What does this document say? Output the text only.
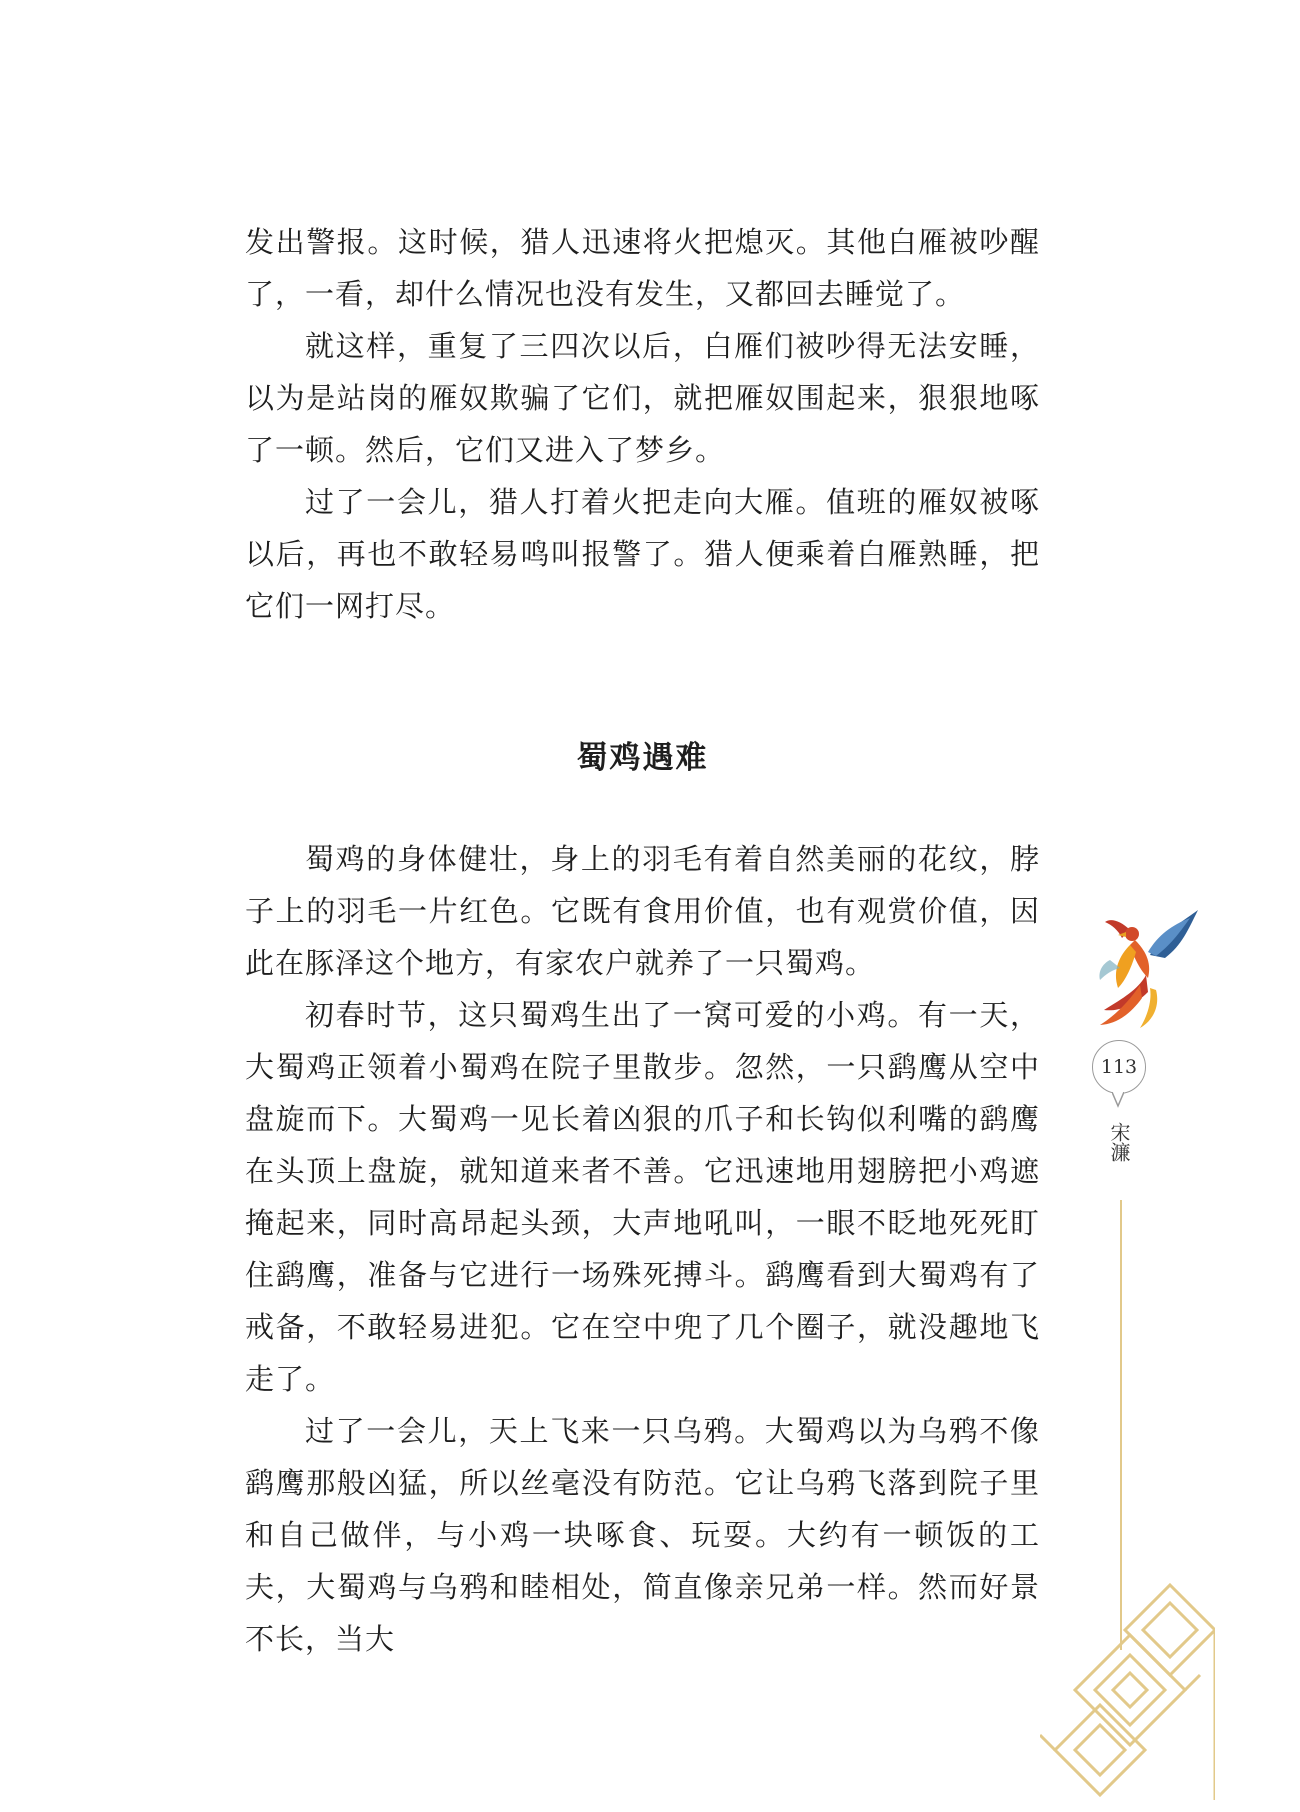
发出警报。这时候，猎人迅速将火把熄灭。其他白雁被吵醒了，一看，却什么情况也没有发生，又都回去睡觉了。

就这样，重复了三四次以后，白雁们被吵得无法安睡，以为是站岗的雁奴欺骗了它们，就把雁奴围起来，狠狠地啄了一顿。然后，它们又进入了梦乡。

过了一会儿，猎人打着火把走向大雁。值班的雁奴被啄以后，再也不敢轻易鸣叫报警了。猎人便乘着白雁熟睡，把它们一网打尽。

蜀鸡遇难

蜀鸡的身体健壮，身上的羽毛有着自然美丽的花纹，脖子上的羽毛一片红色。它既有食用价值，也有观赏价值，因此在豚泽这个地方，有家农户就养了一只蜀鸡。

初春时节，这只蜀鸡生出了一窝可爱的小鸡。有一天，大蜀鸡正领着小蜀鸡在院子里散步。忽然，一只鹞鹰从空中盘旋而下。大蜀鸡一见长着凶狠的爪子和长钩似利嘴的鹞鹰在头顶上盘旋，就知道来者不善。它迅速地用翅膀把小鸡遮掩起来，同时高昂起头颈，大声地吼叫，一眼不眨地死死盯住鹞鹰，准备与它进行一场殊死搏斗。鹞鹰看到大蜀鸡有了戒备，不敢轻易进犯。它在空中兜了几个圈子，就没趣地飞走了。

过了一会儿，天上飞来一只乌鸦。大蜀鸡以为乌鸦不像鹞鹰那般凶猛，所以丝毫没有防范。它让乌鸦飞落到院子里和自己做伴，与小鸡一块啄食、玩耍。大约有一顿饭的工夫，大蜀鸡与乌鸦和睦相处，简直像亲兄弟一样。然而好景不长，当大

113
宋濂
